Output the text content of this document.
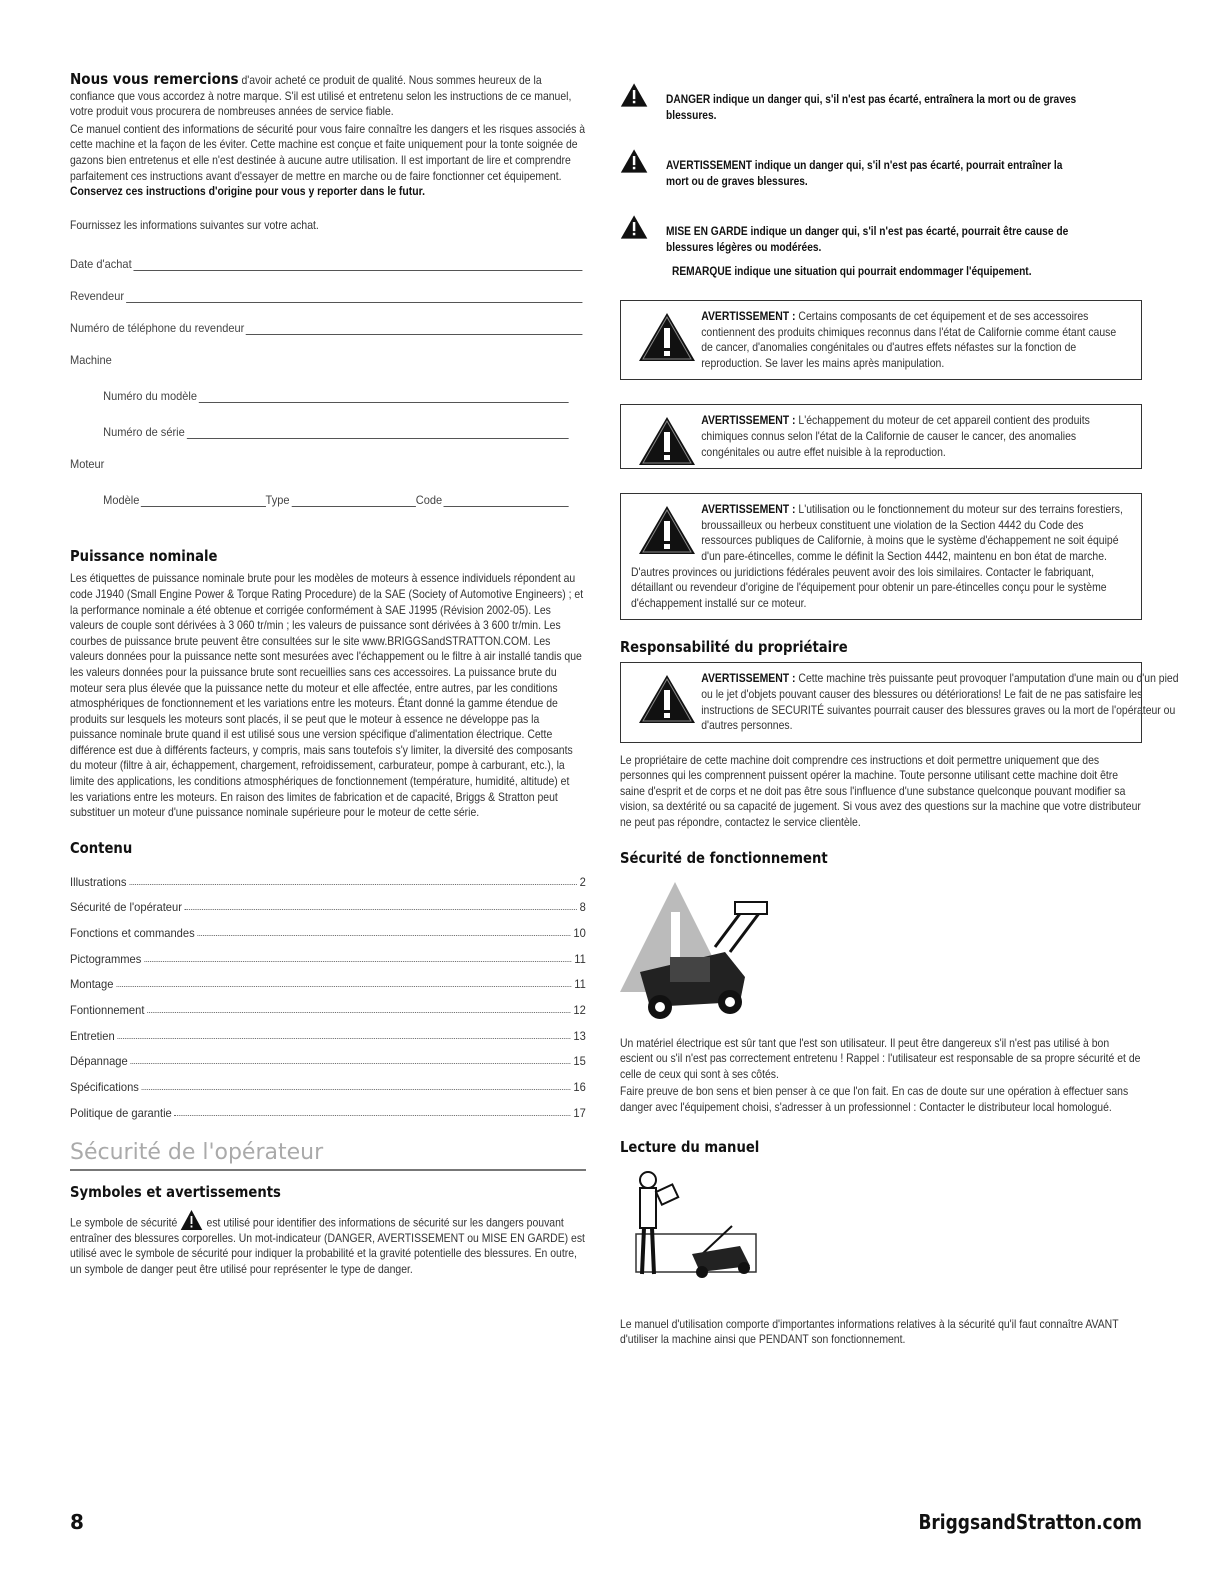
Nous vous remercions d'avoir acheté ce produit de qualité. Nous sommes heureux de la confiance que vous accordez à notre marque. S'il est utilisé et entretenu selon les instructions de ce manuel, votre produit vous procurera de nombreuses années de service fiable.

Ce manuel contient des informations de sécurité pour vous faire connaître les dangers et les risques associés à cette machine et la façon de les éviter. Cette machine est conçue et faite uniquement pour la tonte soignée de gazons bien entretenus et elle n'est destinée à aucune autre utilisation. Il est important de lire et comprendre parfaitement ces instructions avant d'essayer de mettre en marche ou de faire fonctionner cet équipement. Conservez ces instructions d'origine pour vous y reporter dans le futur.

Fournissez les informations suivantes sur votre achat.

Date d'achat
Revendeur
Numéro de téléphone du revendeur
Machine
Numéro du modèle
Numéro de série
Moteur
Modèle	Type	Code
Puissance nominale

Les étiquettes de puissance nominale brute pour les modèles de moteurs à essence individuels répondent au code J1940 (Small Engine Power & Torque Rating Procedure) de la SAE (Society of Automotive Engineers) ; et la performance nominale a été obtenue et corrigée conformément à SAE J1995 (Révision 2002-05). Les valeurs de couple sont dérivées à 3 060 tr/min ; les valeurs de puissance sont dérivées à 3 600 tr/min. Les courbes de puissance brute peuvent être consultées sur le site www.BRIGGSandSTRATTON.COM. Les valeurs données pour la puissance nette sont mesurées avec l'échappement ou le filtre à air installé tandis que les valeurs données pour la puissance brute sont recueillies sans ces accessoires. La puissance brute du moteur sera plus élevée que la puissance nette du moteur et elle affectée, entre autres, par les conditions atmosphériques de fonctionnement et les variations entre les moteurs. Étant donné la gamme étendue de produits sur lesquels les moteurs sont placés, il se peut que le moteur à essence ne développe pas la puissance nominale brute quand il est utilisé sous une version spécifique d'alimentation électrique. Cette différence est due à différents facteurs, y compris, mais sans toutefois s'y limiter, la diversité des composants du moteur (filtre à air, échappement, chargement, refroidissement, carburateur, pompe à carburant, etc.), la limite des applications, les conditions atmosphériques de fonctionnement (température, humidité, altitude) et les variations entre les moteurs. En raison des limites de fabrication et de capacité, Briggs & Stratton peut substituer un moteur d'une puissance nominale supérieure pour le moteur de cette série.

Contenu
Illustrations	2
Sécurité de l'opérateur	8
Fonctions et commandes	10
Pictogrammes	11
Montage	11
Fontionnement	12
Entretien	13
Dépannage	15
Spécifications	16
Politique de garantie	17
Sécurité de l'opérateur
Symboles et avertissements

Le symbole de sécurité  est utilisé pour identifier des informations de sécurité sur les dangers pouvant entraîner des blessures corporelles. Un mot-indicateur (DANGER, AVERTISSEMENT ou MISE EN GARDE) est utilisé avec le symbole de sécurité pour indiquer la probabilité et la gravité potentielle des blessures. En outre, un symbole de danger peut être utilisé pour représenter le type de danger.

DANGER indique un danger qui, s'il n'est pas écarté, entraînera la mort ou de graves blessures.
AVERTISSEMENT indique un danger qui, s'il n'est pas écarté, pourrait entraîner la mort ou de graves blessures.
MISE EN GARDE indique un danger qui, s'il n'est pas écarté, pourrait être cause de blessures légères ou modérées.
REMARQUE indique une situation qui pourrait endommager l'équipement.

AVERTISSEMENT : Certains composants de cet équipement et de ses accessoires contiennent des produits chimiques reconnus dans l'état de Californie comme étant cause de cancer, d'anomalies congénitales ou d'autres effets néfastes sur la fonction de reproduction. Se laver les mains après manipulation.

AVERTISSEMENT : L'échappement du moteur de cet appareil contient des produits chimiques connus selon l'état de la Californie de causer le cancer, des anomalies congénitales ou autre effet nuisible à la reproduction.

AVERTISSEMENT : L'utilisation ou le fonctionnement du moteur sur des terrains forestiers, broussailleux ou herbeux constituent une violation de la Section 4442 du Code des ressources publiques de Californie, à moins que le système d'échappement ne soit équipé d'un pare-étincelles, comme le définit la Section 4442, maintenu en bon état de marche. D'autres provinces ou juridictions fédérales peuvent avoir des lois similaires. Contacter le fabriquant, détaillant ou revendeur d'origine de l'équipement pour obtenir un pare-étincelles conçu pour le système d'échappement installé sur ce moteur.

Responsabilité du propriétaire

AVERTISSEMENT : Cette machine très puissante peut provoquer l'amputation d'une main ou d'un pied ou le jet d'objets pouvant causer des blessures ou détériorations! Le fait de ne pas satisfaire les instructions de SECURITÉ suivantes pourrait causer des blessures graves ou la mort de l'opérateur ou d'autres personnes.

Le propriétaire de cette machine doit comprendre ces instructions et doit permettre uniquement que des personnes qui les comprennent puissent opérer la machine. Toute personne utilisant cette machine doit être saine d'esprit et de corps et ne doit pas être sous l'influence d'une substance quelconque pouvant modifier sa vision, sa dextérité ou sa capacité de jugement. Si vous avez des questions sur la machine que votre distributeur ne peut pas répondre, contactez le service clientèle.

Sécurité de fonctionnement

Un matériel électrique est sûr tant que l'est son utilisateur. Il peut être dangereux s'il n'est pas utilisé à bon escient ou s'il n'est pas correctement entretenu ! Rappel : l'utilisateur est responsable de sa propre sécurité et de celle de ceux qui sont à ses côtés.

Faire preuve de bon sens et bien penser à ce que l'on fait. En cas de doute sur une opération à effectuer sans danger avec l'équipement choisi, s'adresser à un professionnel : Contacter le distributeur local homologué.

Lecture du manuel

Le manuel d'utilisation comporte d'importantes informations relatives à la sécurité qu'il faut connaître AVANT d'utiliser la machine ainsi que PENDANT son fonctionnement.

8	BriggsandStratton.com
